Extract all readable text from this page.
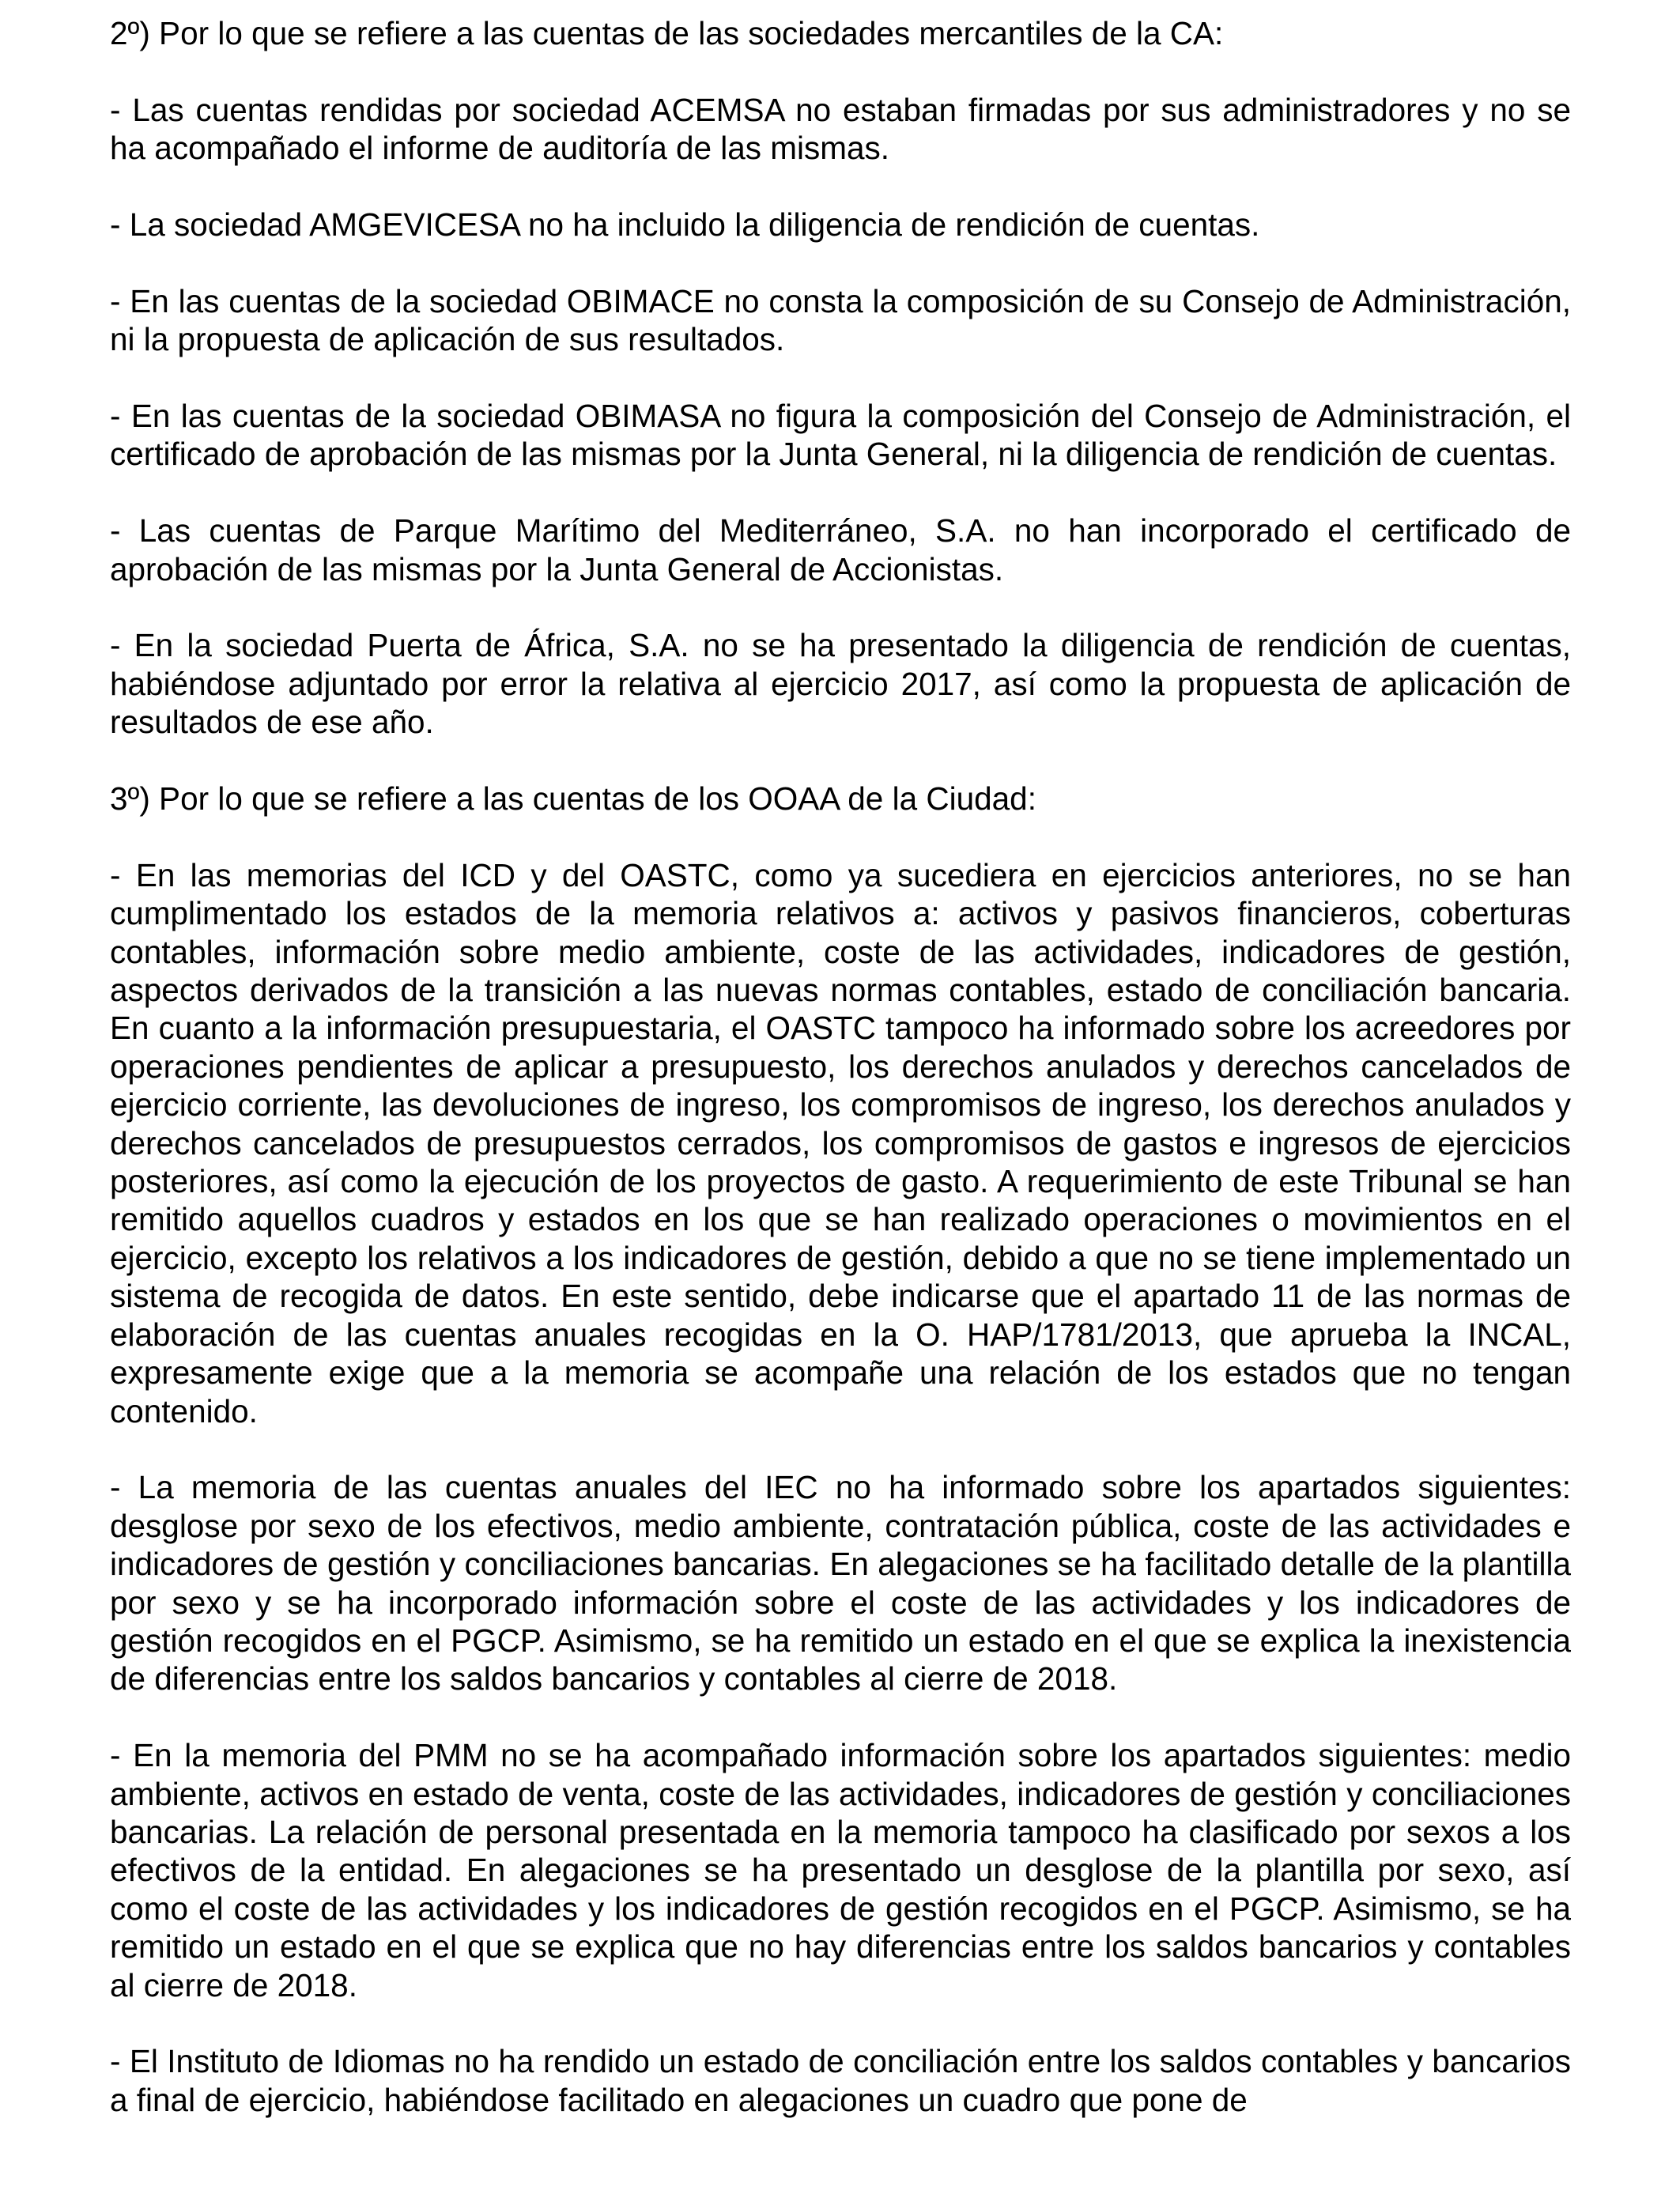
2º) Por lo que se refiere a las cuentas de las sociedades mercantiles de la CA:

- Las cuentas rendidas por sociedad ACEMSA no estaban firmadas por sus administradores y no se ha acompañado el informe de auditoría de las mismas.

- La sociedad AMGEVICESA no ha incluido la diligencia de rendición de cuentas.

- En las cuentas de la sociedad OBIMACE no consta la composición de su Consejo de Administración, ni la propuesta de aplicación de sus resultados.

- En las cuentas de la sociedad OBIMASA no figura la composición del Consejo de Administración, el certificado de aprobación de las mismas por la Junta General, ni la diligencia de rendición de cuentas.

- Las cuentas de Parque Marítimo del Mediterráneo, S.A. no han incorporado el certificado de aprobación de las mismas por la Junta General de Accionistas.

- En la sociedad Puerta de África, S.A. no se ha presentado la diligencia de rendición de cuentas, habiéndose adjuntado por error la relativa al ejercicio 2017, así como la propuesta de aplicación de resultados de ese año.

3º) Por lo que se refiere a las cuentas de los OOAA de la Ciudad:

- En las memorias del ICD y del OASTC, como ya sucediera en ejercicios anteriores, no se han cumplimentado los estados de la memoria relativos a: activos y pasivos financieros, coberturas contables, información sobre medio ambiente, coste de las actividades, indicadores de gestión, aspectos derivados de la transición a las nuevas normas contables, estado de conciliación bancaria. En cuanto a la información presupuestaria, el OASTC tampoco ha informado sobre los acreedores por operaciones pendientes de aplicar a presupuesto, los derechos anulados y derechos cancelados de ejercicio corriente, las devoluciones de ingreso, los compromisos de ingreso, los derechos anulados y derechos cancelados de presupuestos cerrados, los compromisos de gastos e ingresos de ejercicios posteriores, así como la ejecución de los proyectos de gasto. A requerimiento de este Tribunal se han remitido aquellos cuadros y estados en los que se han realizado operaciones o movimientos en el ejercicio, excepto los relativos a los indicadores de gestión, debido a que no se tiene implementado un sistema de recogida de datos. En este sentido, debe indicarse que el apartado 11 de las normas de elaboración de las cuentas anuales recogidas en la O. HAP/1781/2013, que aprueba la INCAL, expresamente exige que a la memoria se acompañe una relación de los estados que no tengan contenido.

- La memoria de las cuentas anuales del IEC no ha informado sobre los apartados siguientes: desglose por sexo de los efectivos, medio ambiente, contratación pública, coste de las actividades e indicadores de gestión y conciliaciones bancarias. En alegaciones se ha facilitado detalle de la plantilla por sexo y se ha incorporado información sobre el coste de las actividades y los indicadores de gestión recogidos en el PGCP. Asimismo, se ha remitido un estado en el que se explica la inexistencia de diferencias entre los saldos bancarios y contables al cierre de 2018.

- En la memoria del PMM no se ha acompañado información sobre los apartados siguientes: medio ambiente, activos en estado de venta, coste de las actividades, indicadores de gestión y conciliaciones bancarias. La relación de personal presentada en la memoria tampoco ha clasificado por sexos a los efectivos de la entidad. En alegaciones se ha presentado un desglose de la plantilla por sexo, así como el coste de las actividades y los indicadores de gestión recogidos en el PGCP. Asimismo, se ha remitido un estado en el que se explica que no hay diferencias entre los saldos bancarios y contables al cierre de 2018.

- El Instituto de Idiomas no ha rendido un estado de conciliación entre los saldos contables y bancarios a final de ejercicio, habiéndose facilitado en alegaciones un cuadro que pone de
